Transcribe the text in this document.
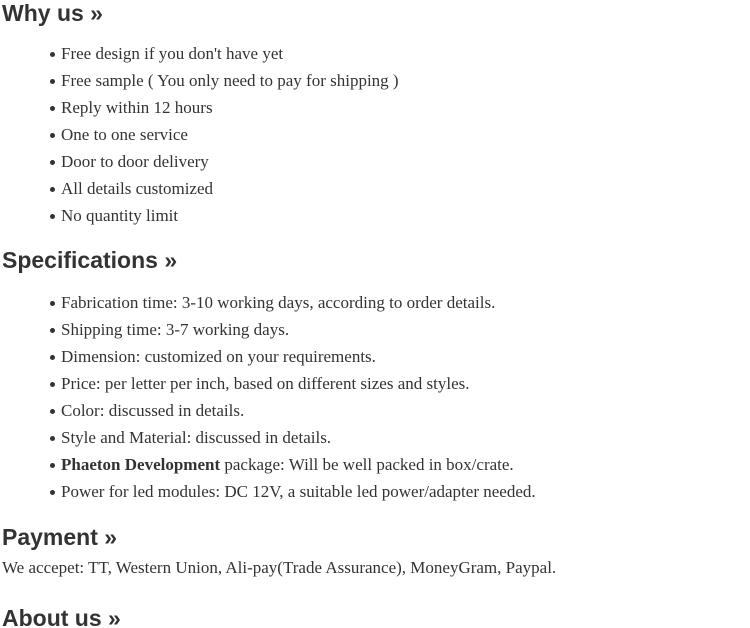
Why us »
Free design if you don't have yet
Free sample ( You only need to pay for shipping )
Reply within 12 hours
One to one service
Door to door delivery
All details customized
No quantity limit
Specifications »
Fabrication time: 3-10 working days, according to order details.
Shipping time: 3-7 working days.
Dimension: customized on your requirements.
Price: per letter per inch, based on different sizes and styles.
Color: discussed in details.
Style and Material: discussed in details.
Phaeton Development package: Will be well packed in box/crate.
Power for led modules: DC 12V, a suitable led power/adapter needed.
Payment »
We accepet: TT, Western Union, Ali-pay(Trade Assurance), MoneyGram, Paypal.
About us »
